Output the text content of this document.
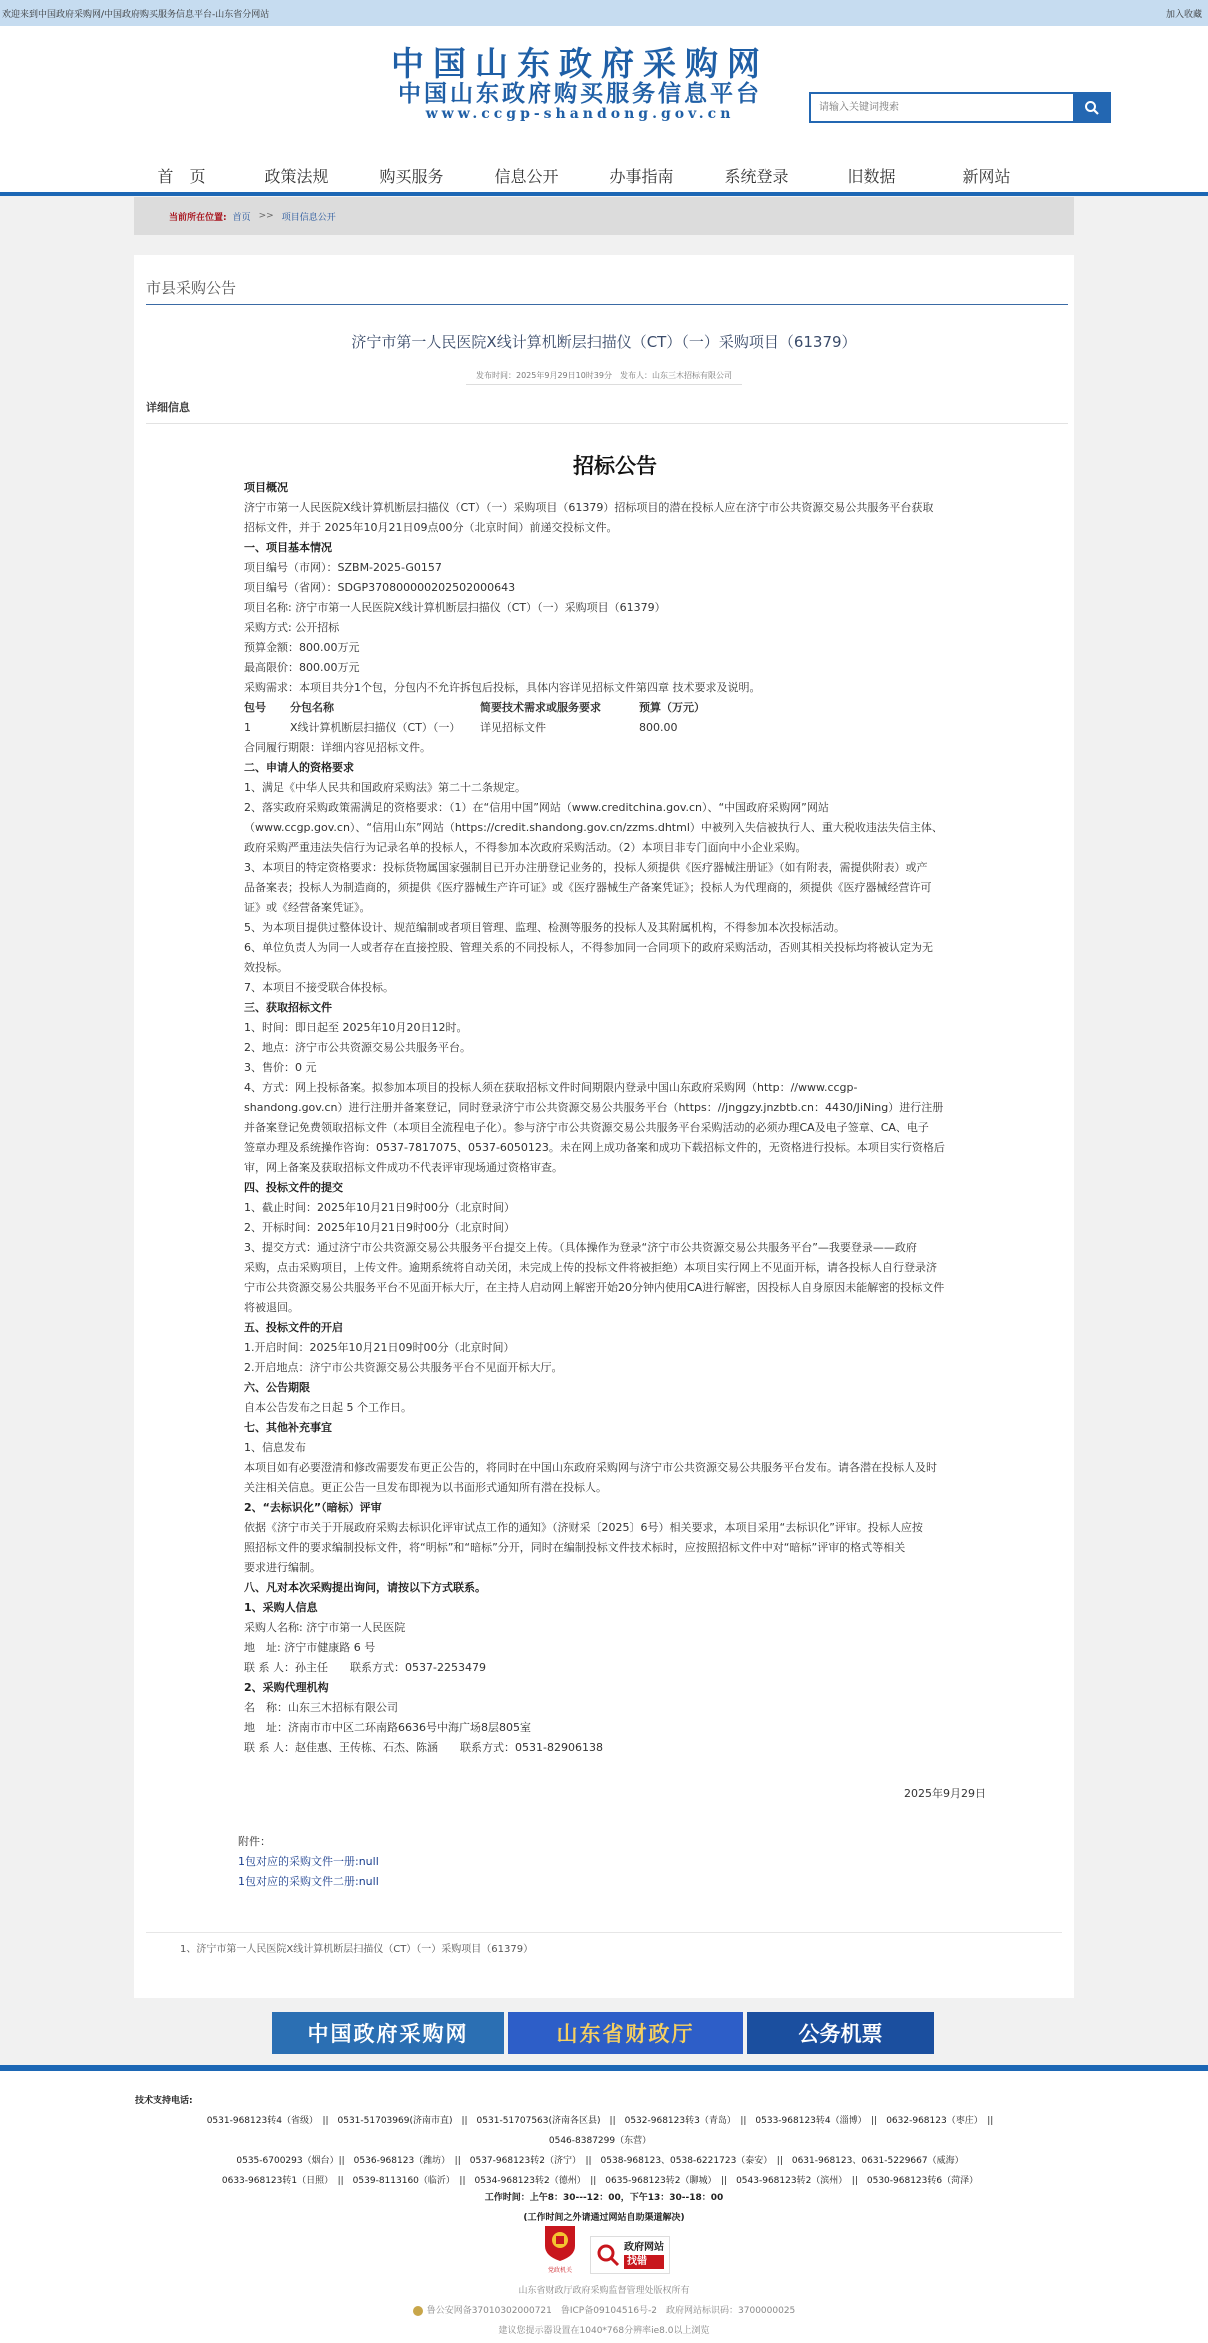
欢迎来到中国政府采购网/中国政府购买服务信息平台-山东省分网站	加入收藏
中国山东政府采购网
中国山东政府购买服务信息平台
www.ccgp-shandong.gov.cn
请输入关键词搜索
首　页	政策法规	购买服务	信息公开	办事指南	系统登录	旧数据	新网站
当前所在位置: 首页 >> 项目信息公开
市县采购公告
济宁市第一人民医院X线计算机断层扫描仪（CT）（一）采购项目（61379）
发布时间：2025年9月29日10时39分　发布人：山东三木招标有限公司
详细信息
招标公告

项目概况

济宁市第一人民医院X线计算机断层扫描仪（CT）（一）采购项目（61379）招标项目的潜在投标人应在济宁市公共资源交易公共服务平台获取

招标文件，并于 2025年10月21日09点00分（北京时间）前递交投标文件。

一、项目基本情况

项目编号（市网）：SZBM-2025-G0157

项目编号（省网）：SDGP370800000202502000643

项目名称: 济宁市第一人民医院X线计算机断层扫描仪（CT）（一）采购项目（61379）

采购方式: 公开招标

预算金额：800.00万元

最高限价：800.00万元

采购需求：本项目共分1个包，分包内不允许拆包后投标，具体内容详见招标文件第四章 技术要求及说明。

包号	分包名称	简要技术需求或服务要求	预算（万元）
1	X线计算机断层扫描仪（CT）（一）	详见招标文件	800.00

合同履行期限：详细内容见招标文件。

二、申请人的资格要求

1、满足《中华人民共和国政府采购法》第二十二条规定。

2、落实政府采购政策需满足的资格要求：（1）在“信用中国”网站（www.creditchina.gov.cn）、“中国政府采购网”网站

（www.ccgp.gov.cn）、“信用山东”网站（https://credit.shandong.gov.cn/zzms.dhtml）中被列入失信被执行人、重大税收违法失信主体、

政府采购严重违法失信行为记录名单的投标人，不得参加本次政府采购活动。（2）本项目非专门面向中小企业采购。

3、本项目的特定资格要求：投标货物属国家强制目已开办注册登记业务的，投标人须提供《医疗器械注册证》（如有附表，需提供附表）或产

品备案表；投标人为制造商的，须提供《医疗器械生产许可证》或《医疗器械生产备案凭证》；投标人为代理商的，须提供《医疗器械经营许可

证》或《经营备案凭证》。

5、为本项目提供过整体设计、规范编制或者项目管理、监理、检测等服务的投标人及其附属机构，不得参加本次投标活动。

6、单位负责人为同一人或者存在直接控股、管理关系的不同投标人，不得参加同一合同项下的政府采购活动，否则其相关投标均将被认定为无

效投标。

7、本项目不接受联合体投标。

三、获取招标文件

1、时间：即日起至 2025年10月20日12时。

2、地点：济宁市公共资源交易公共服务平台。

3、售价：0 元

4、方式：网上投标备案。拟参加本项目的投标人须在获取招标文件时间期限内登录中国山东政府采购网（http：//www.ccgp-

shandong.gov.cn）进行注册并备案登记，同时登录济宁市公共资源交易公共服务平台（https：//jnggzy.jnzbtb.cn：4430/JiNing）进行注册

并备案登记免费领取招标文件（本项目全流程电子化）。参与济宁市公共资源交易公共服务平台采购活动的必须办理CA及电子签章、CA、电子

签章办理及系统操作咨询：0537-7817075、0537-6050123。未在网上成功备案和成功下载招标文件的，无资格进行投标。本项目实行资格后

审，网上备案及获取招标文件成功不代表评审现场通过资格审查。

四、投标文件的提交

1、截止时间：2025年10月21日9时00分（北京时间）

2、开标时间：2025年10月21日9时00分（北京时间）

3、提交方式：通过济宁市公共资源交易公共服务平台提交上传。（具体操作为登录“济宁市公共资源交易公共服务平台”—我要登录——政府

采购，点击采购项目，上传文件。逾期系统将自动关闭，未完成上传的投标文件将被拒绝）本项目实行网上不见面开标，请各投标人自行登录济

宁市公共资源交易公共服务平台不见面开标大厅，在主持人启动网上解密开始20分钟内使用CA进行解密，因投标人自身原因未能解密的投标文件

将被退回。

五、投标文件的开启

1.开启时间：2025年10月21日09时00分（北京时间）

2.开启地点：济宁市公共资源交易公共服务平台不见面开标大厅。

六、公告期限

自本公告发布之日起 5 个工作日。

七、其他补充事宜

1、信息发布

本项目如有必要澄清和修改需要发布更正公告的，将同时在中国山东政府采购网与济宁市公共资源交易公共服务平台发布。请各潜在投标人及时

关注相关信息。更正公告一旦发布即视为以书面形式通知所有潜在投标人。

2、“去标识化”（暗标）评审

依据《济宁市关于开展政府采购去标识化评审试点工作的通知》（济财采〔2025〕6号）相关要求，本项目采用“去标识化”评审。投标人应按

照招标文件的要求编制投标文件，将“明标”和“暗标”分开，同时在编制投标文件技术标时，应按照招标文件中对“暗标”评审的格式等相关

要求进行编制。

八、凡对本次采购提出询问，请按以下方式联系。

1、采购人信息

采购人名称: 济宁市第一人民医院

地　址: 济宁市健康路 6 号

联 系 人：孙主任　　联系方式：0537-2253479

2、采购代理机构

名　称：山东三木招标有限公司

地　址：济南市市中区二环南路6636号中海广场8层805室

联 系 人：赵佳惠、王传栋、石杰、陈涵　　联系方式：0531-82906138

2025年9月29日

附件：

1包对应的采购文件一册:null

1包对应的采购文件二册:null

1、济宁市第一人民医院X线计算机断层扫描仪（CT）（一）采购项目（61379）
中国政府采购网	山东省财政厅	公务机票
技术支持电话:
0531-968123转4（省级）　||　0531-51703969(济南市直)　||　0531-51707563(济南各区县)　||　0532-968123转3（青岛）　||　0533-968123转4（淄博）　||　0632-968123（枣庄）　||
0546-8387299（东营）
0535-6700293（烟台）||　0536-968123（潍坊）　||　0537-968123转2（济宁）　||　0538-968123、0538-6221723（泰安）　||　0631-968123、0631-5229667（威海）
0633-968123转1（日照）　||　0539-8113160（临沂）　||　0534-968123转2（德州）　||　0635-968123转2（聊城）　||　0543-968123转2（滨州）　||　0530-968123转6（菏泽）
工作时间：上午8：30---12：00，下午13：30--18：00
(工作时间之外请通过网站自助渠道解决)
党政机关
政府网站
找错
山东省财政厅政府采购监督管理处版权所有
鲁公安网备37010302000721　鲁ICP备09104516号-2　政府网站标识码：3700000025
建议您提示器设置在1040*768分辨率ie8.0以上浏览
